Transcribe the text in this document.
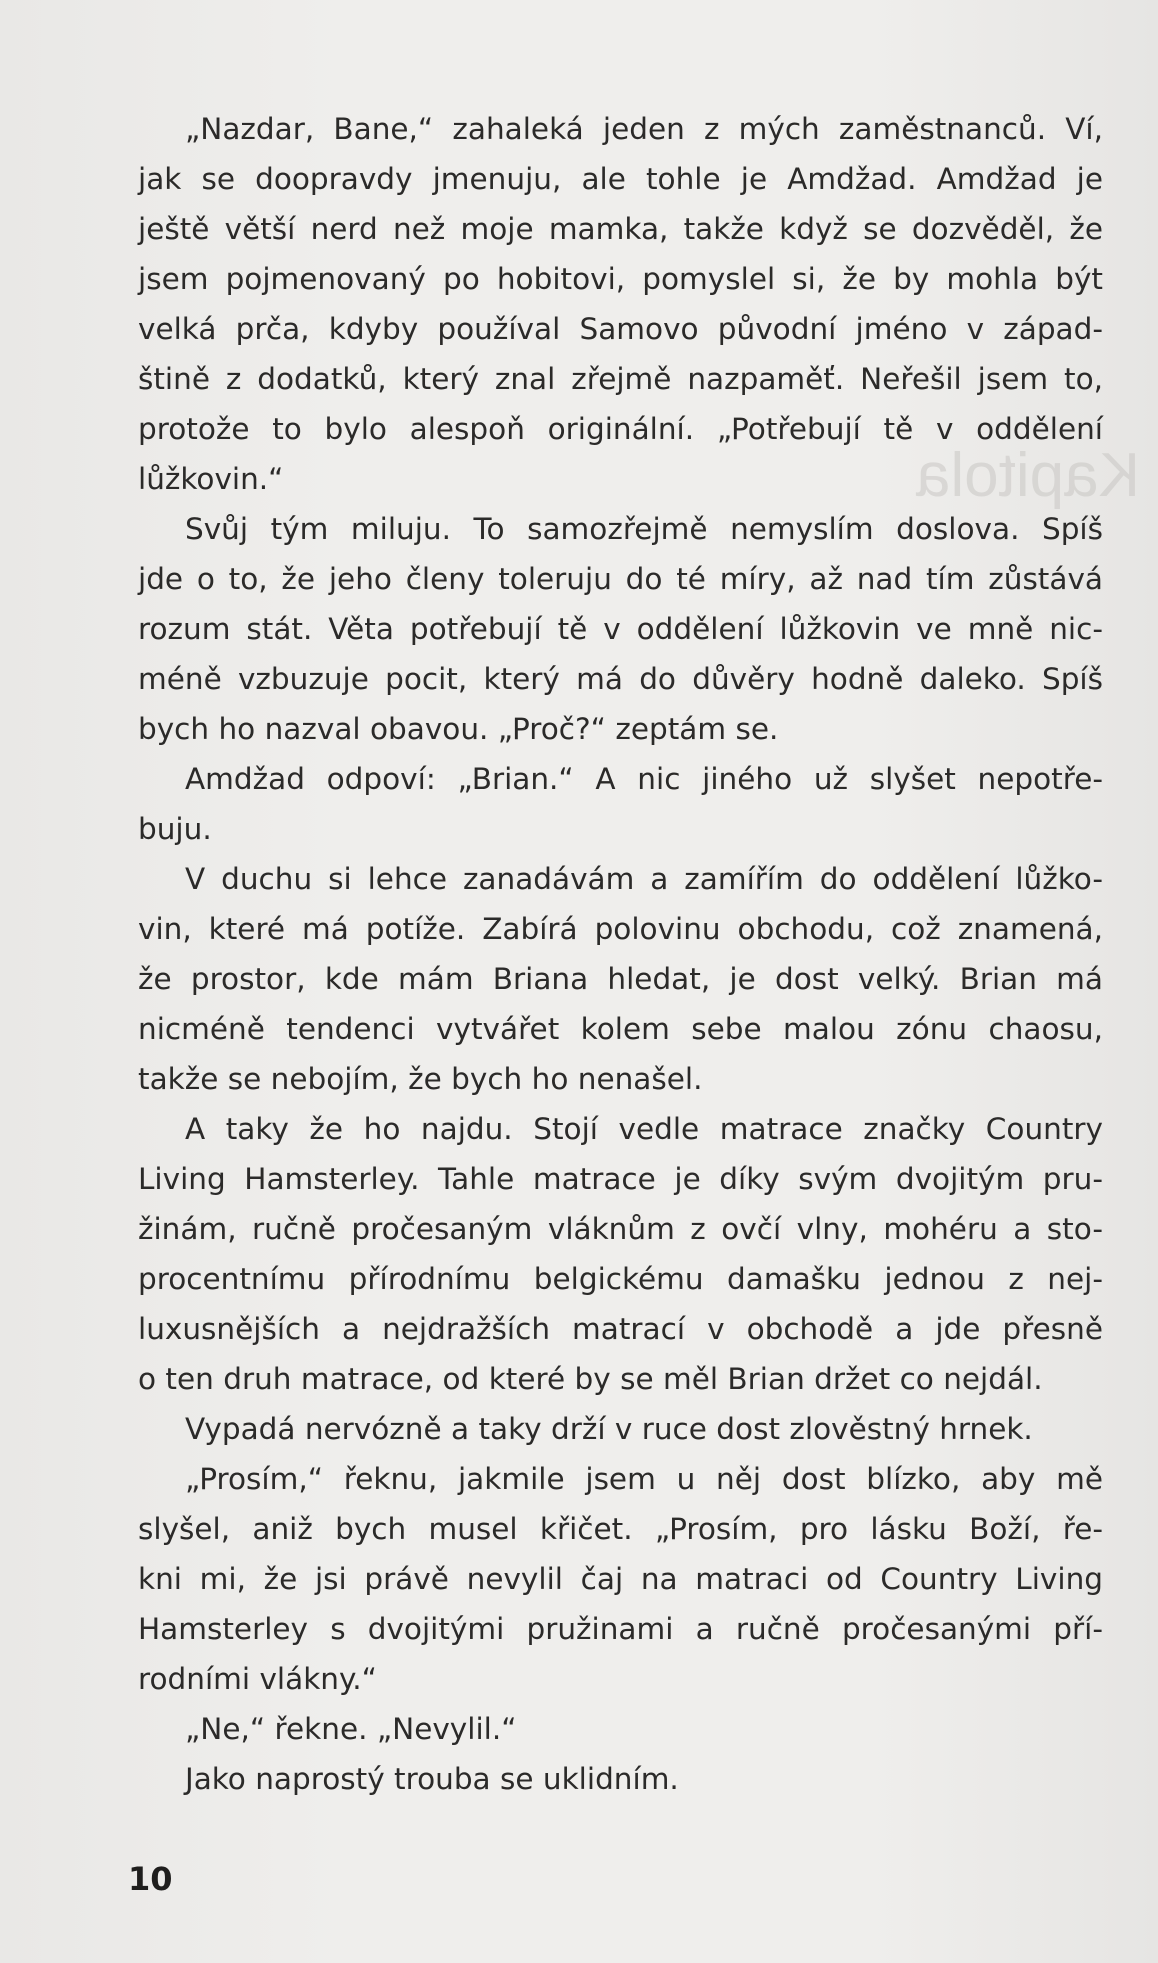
Kapitola
„Nazdar, Bane,“ zahaleká jeden z mých zaměstnanců. Ví,
jak se doopravdy jmenuju, ale tohle je Amdžad. Amdžad je
ještě větší nerd než moje mamka, takže když se dozvěděl, že
jsem pojmenovaný po hobitovi, pomyslel si, že by mohla být
velká prča, kdyby používal Samovo původní jméno v západ-
štině z dodatků, který znal zřejmě nazpaměť. Neřešil jsem to,
protože to bylo alespoň originální. „Potřebují tě v oddělení
lůžkovin.“
Svůj tým miluju. To samozřejmě nemyslím doslova. Spíš
jde o to, že jeho členy toleruju do té míry, až nad tím zůstává
rozum stát. Věta potřebují tě v oddělení lůžkovin ve mně nic-
méně vzbuzuje pocit, který má do důvěry hodně daleko. Spíš
bych ho nazval obavou. „Proč?“ zeptám se.
Amdžad odpoví: „Brian.“ A nic jiného už slyšet nepotře-
buju.
V duchu si lehce zanadávám a zamířím do oddělení lůžko-
vin, které má potíže. Zabírá polovinu obchodu, což znamená,
že prostor, kde mám Briana hledat, je dost velký. Brian má
nicméně tendenci vytvářet kolem sebe malou zónu chaosu,
takže se nebojím, že bych ho nenašel.
A taky že ho najdu. Stojí vedle matrace značky Country
Living Hamsterley. Tahle matrace je díky svým dvojitým pru-
žinám, ručně pročesaným vláknům z ovčí vlny, mohéru a sto-
procentnímu přírodnímu belgickému damašku jednou z nej-
luxusnějších a nejdražších matrací v obchodě a jde přesně
o ten druh matrace, od které by se měl Brian držet co nejdál.
Vypadá nervózně a taky drží v ruce dost zlověstný hrnek.
„Prosím,“ řeknu, jakmile jsem u něj dost blízko, aby mě
slyšel, aniž bych musel křičet. „Prosím, pro lásku Boží, ře-
kni mi, že jsi právě nevylil čaj na matraci od Country Living
Hamsterley s dvojitými pružinami a ručně pročesanými pří-
rodními vlákny.“
„Ne,“ řekne. „Nevylil.“
Jako naprostý trouba se uklidním.
10
